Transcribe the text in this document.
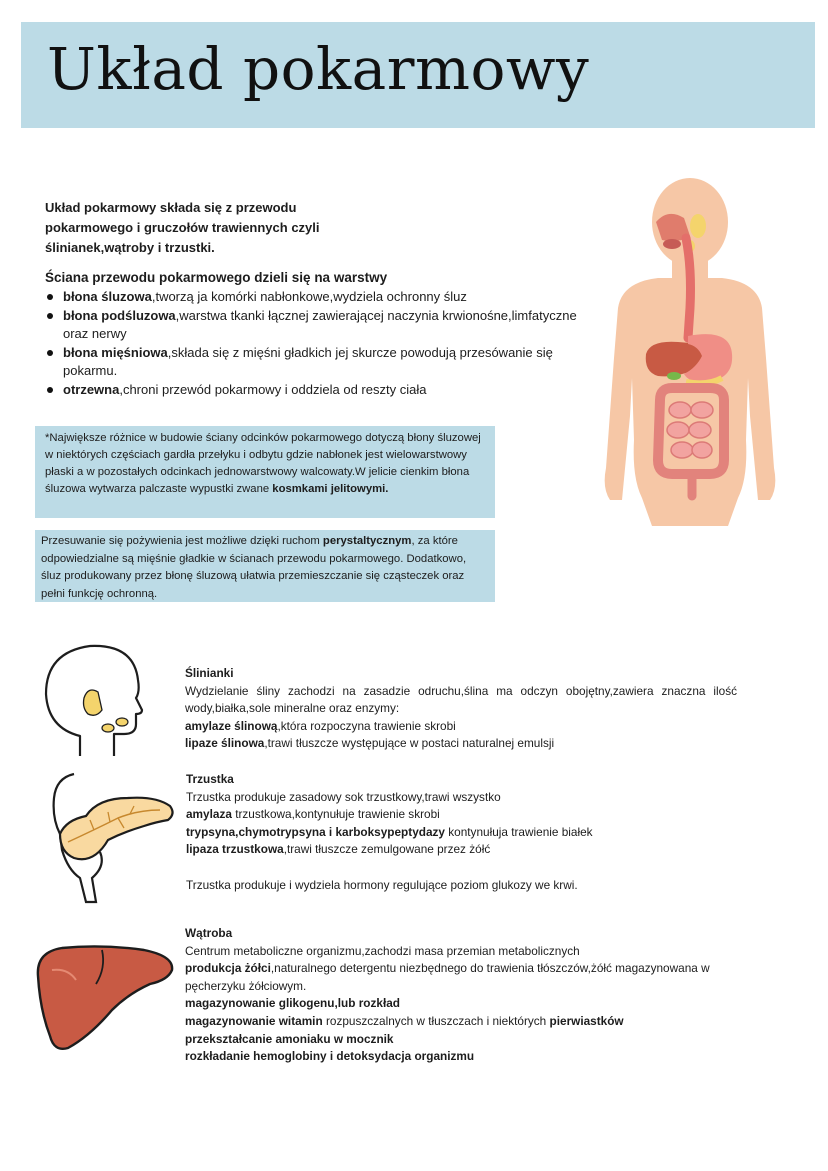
Układ pokarmowy
Układ pokarmowy składa się z przewodu
pokarmowego i gruczołów trawiennych czyli
ślinianek,wątroby i trzustki.
Ściana przewodu pokarmowego dzieli się na warstwy
błona śluzowa,tworzą ja komórki nabłonkowe,wydziela ochronny śluz
błona podśluzowa,warstwa tkanki łącznej zawierającej naczynia krwionośne,limfatyczne oraz nerwy
błona mięśniowa,składa się z mięśni gładkich jej skurcze powodują przesówanie się pokarmu.
otrzewna,chroni przewód pokarmowy i oddziela od reszty ciała
*Największe różnice w budowie ściany odcinków pokarmowego dotyczą błony śluzowej w niektórych częściach gardła przełyku i odbytu gdzie nabłonek jest wielowarstwowy płaski a w pozostałych odcinkach jednowarstwowy walcowaty.W jelicie cienkim błona śluzowa wytwarza palczaste wypustki zwane kosmkami jelitowymi.
Przesuwanie się pożywienia jest możliwe dzięki ruchom perystaltycznym, za które odpowiedzialne są mięśnie gładkie w ścianach przewodu pokarmowego. Dodatkowo, śluz produkowany przez błonę śluzową ułatwia przemieszczanie się cząsteczek oraz pełni funkcję ochronną.
Ślinianki
Wydzielanie śliny zachodzi na zasadzie odruchu,ślina ma odczyn obojętny,zawiera znaczna ilość wody,białka,sole mineralne oraz enzymy:
amylaze ślinową,która rozpoczyna trawienie skrobi
lipaze ślinowa,trawi tłuszcze występujące w postaci naturalnej emulsji
Trzustka
Trzustka produkuje zasadowy sok trzustkowy,trawi wszystko
amylaza trzustkowa,kontynułuje trawienie skrobi
trypsyna,chymotrypsyna i karboksypeptydazy kontynułuja trawienie białek
lipaza trzustkowa,trawi tłuszcze zemulgowane przez żółć
Trzustka produkuje i wydziela hormony regulujące poziom glukozy we krwi.
Wątroba
Centrum metaboliczne organizmu,zachodzi masa przemian metabolicznych
produkcja żółci,naturalnego detergentu niezbędnego do trawienia tłószczów,żółć magazynowana w pęcherzyku żółciowym.
magazynowanie glikogenu,lub rozkład
magazynowanie witamin rozpuszczalnych w tłuszczach i niektórych pierwiastków
przekształcanie amoniaku w mocznik
rozkładanie hemoglobiny i detoksydacja organizmu
